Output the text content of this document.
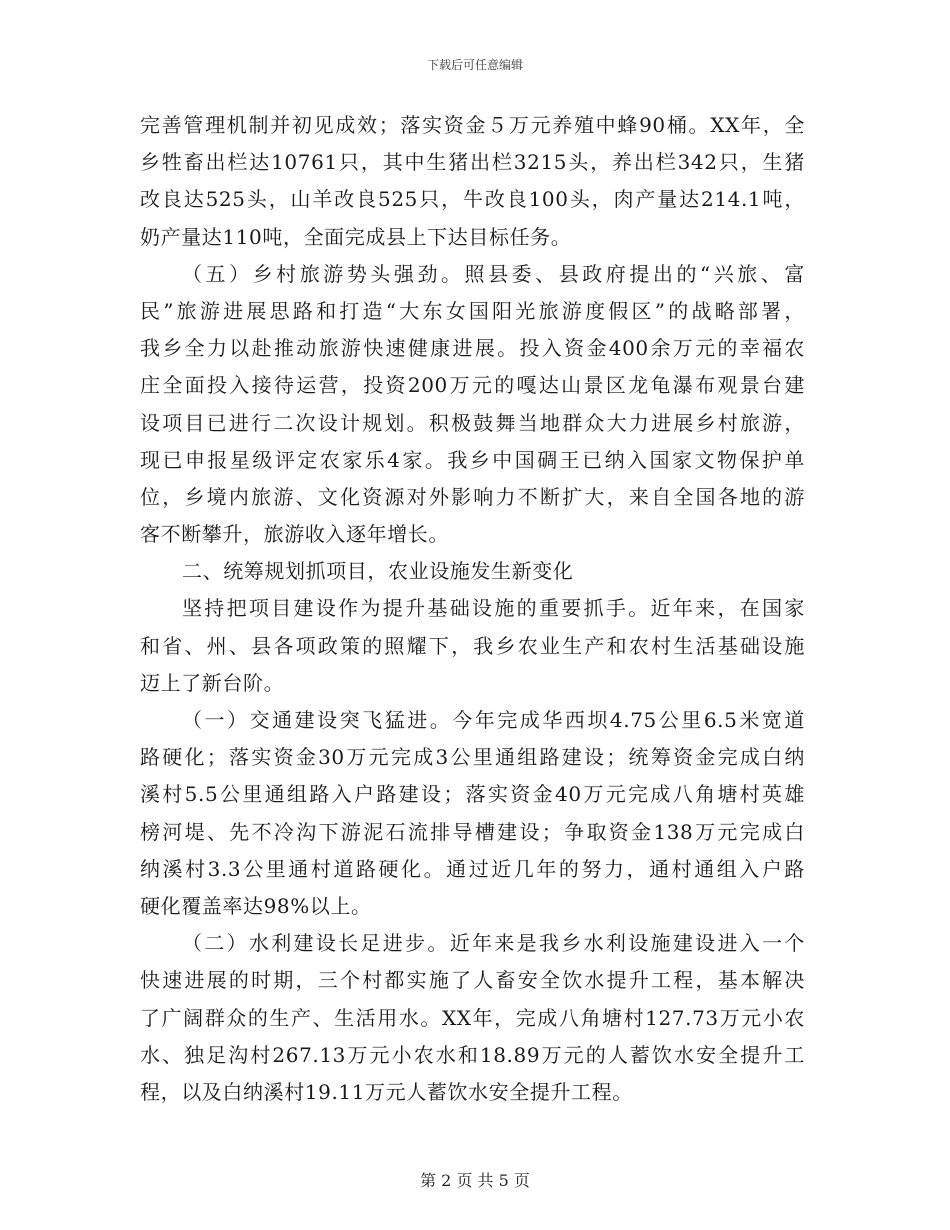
下载后可任意编辑
完善管理机制并初见成效；落实资金５万元养殖中蜂90桶。XX年，全
乡牲畜出栏达10761只，其中生猪出栏3215头，养出栏342只，生猪
改良达525头，山羊改良525只，牛改良100头，肉产量达214.1吨，
奶产量达110吨，全面完成县上下达目标任务。
（五）乡村旅游势头强劲。照县委、县政府提出的“兴旅、富
民”旅游进展思路和打造“大东女国阳光旅游度假区”的战略部署，
我乡全力以赴推动旅游快速健康进展。投入资金400余万元的幸福农
庄全面投入接待运营，投资200万元的嘎达山景区龙龟瀑布观景台建
设项目已进行二次设计规划。积极鼓舞当地群众大力进展乡村旅游，
现已申报星级评定农家乐4家。我乡中国碉王已纳入国家文物保护单
位，乡境内旅游、文化资源对外影响力不断扩大，来自全国各地的游
客不断攀升，旅游收入逐年增长。
二、统筹规划抓项目，农业设施发生新变化
坚持把项目建设作为提升基础设施的重要抓手。近年来，在国家
和省、州、县各项政策的照耀下，我乡农业生产和农村生活基础设施
迈上了新台阶。
（一）交通建设突飞猛进。今年完成华西坝4.75公里6.5米宽道
路硬化；落实资金30万元完成3公里通组路建设；统筹资金完成白纳
溪村5.5公里通组路入户路建设；落实资金40万元完成八角塘村英雄
榜河堤、先不冷沟下游泥石流排导槽建设；争取资金138万元完成白
纳溪村3.3公里通村道路硬化。通过近几年的努力，通村通组入户路
硬化覆盖率达98%以上。
（二）水利建设长足进步。近年来是我乡水利设施建设进入一个
快速进展的时期，三个村都实施了人畜安全饮水提升工程，基本解决
了广阔群众的生产、生活用水。XX年，完成八角塘村127.73万元小农
水、独足沟村267.13万元小农水和18.89万元的人蓄饮水安全提升工
程，以及白纳溪村19.11万元人蓄饮水安全提升工程。
第 2 页 共 5 页
